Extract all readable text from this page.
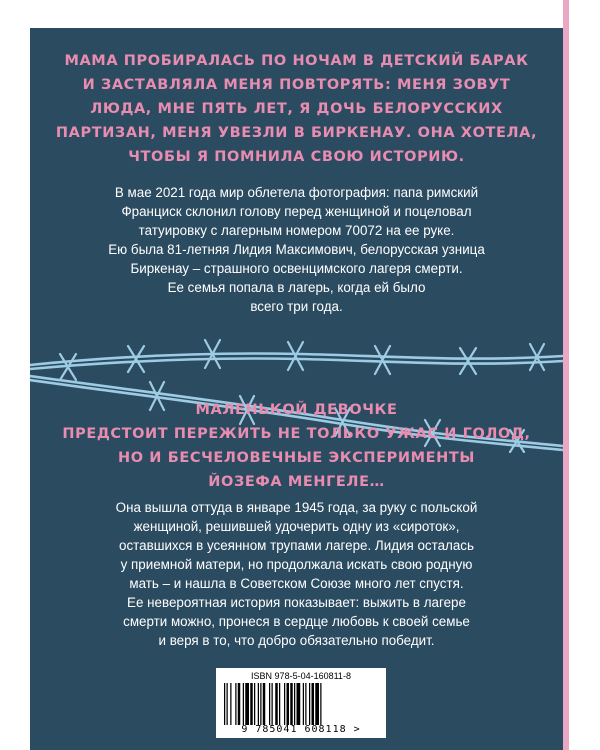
МАМА ПРОБИРАЛАСЬ ПО НОЧАМ В ДЕТСКИЙ БАРАК
И ЗАСТАВЛЯЛА МЕНЯ ПОВТОРЯТЬ: МЕНЯ ЗОВУТ
ЛЮДА, МНЕ ПЯТЬ ЛЕТ, Я ДОЧЬ БЕЛОРУССКИХ
ПАРТИЗАН, МЕНЯ УВЕЗЛИ В БИРКЕНАУ. ОНА ХОТЕЛА,
ЧТОБЫ Я ПОМНИЛА СВОЮ ИСТОРИЮ.
В мае 2021 года мир облетела фотография: папа римский
Франциск склонил голову перед женщиной и поцеловал
татуировку с лагерным номером 70072 на ее руке.
Ею была 81-летняя Лидия Максимович, белорусская узница
Биркенау – страшного освенцимского лагеря смерти.
Ее семья попала в лагерь, когда ей было
всего три года.
МАЛЕНЬКОЙ ДЕВОЧКЕ
ПРЕДСТОИТ ПЕРЕЖИТЬ НЕ ТОЛЬКО УЖАС И ГОЛОД,
НО И БЕСЧЕЛОВЕЧНЫЕ ЭКСПЕРИМЕНТЫ
ЙОЗЕФА МЕНГЕЛЕ…
Она вышла оттуда в январе 1945 года, за руку с польской
женщиной, решившей удочерить одну из «сироток»,
оставшихся в усеянном трупами лагере. Лидия осталась
у приемной матери, но продолжала искать свою родную
мать – и нашла в Советском Союзе много лет спустя.
Ее невероятная история показывает: выжить в лагере
смерти можно, пронеся в сердце любовь к своей семье
и веря в то, что добро обязательно победит.
ISBN 978-5-04-160811-8
9 785041 608118 >
